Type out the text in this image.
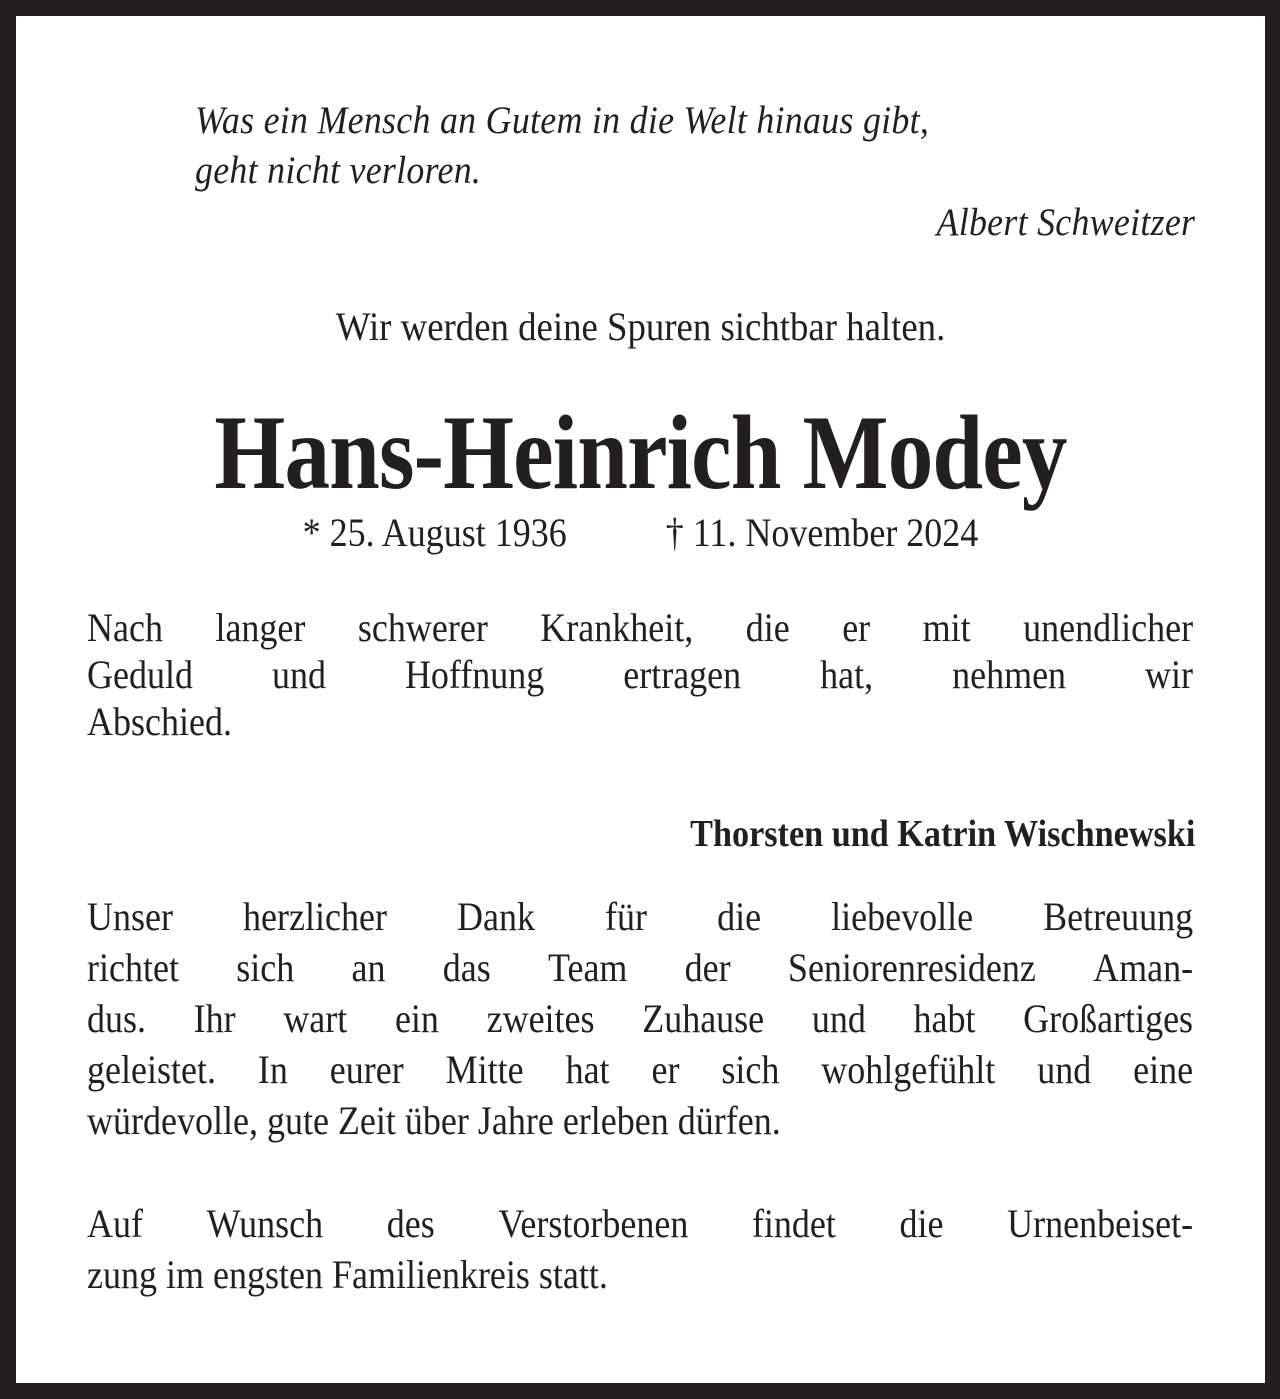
Was ein Mensch an Gutem in die Welt hinaus gibt,
geht nicht verloren.
Albert Schweitzer
Wir werden deine Spuren sichtbar halten.
Hans-Heinrich Modey
* 25. August 1936 † 11. November 2024
Nach langer schwerer Krankheit, die er mit unendlicher
Geduld und Hoffnung ertragen hat, nehmen wir
Abschied.
Thorsten und Katrin Wischnewski
Unser herzlicher Dank für die liebevolle Betreuung
richtet sich an das Team der Seniorenresidenz Aman-
dus. Ihr wart ein zweites Zuhause und habt Großartiges
geleistet. In eurer Mitte hat er sich wohlgefühlt und eine
würdevolle, gute Zeit über Jahre erleben dürfen.
Auf Wunsch des Verstorbenen findet die Urnenbeiset-
zung im engsten Familienkreis statt.
